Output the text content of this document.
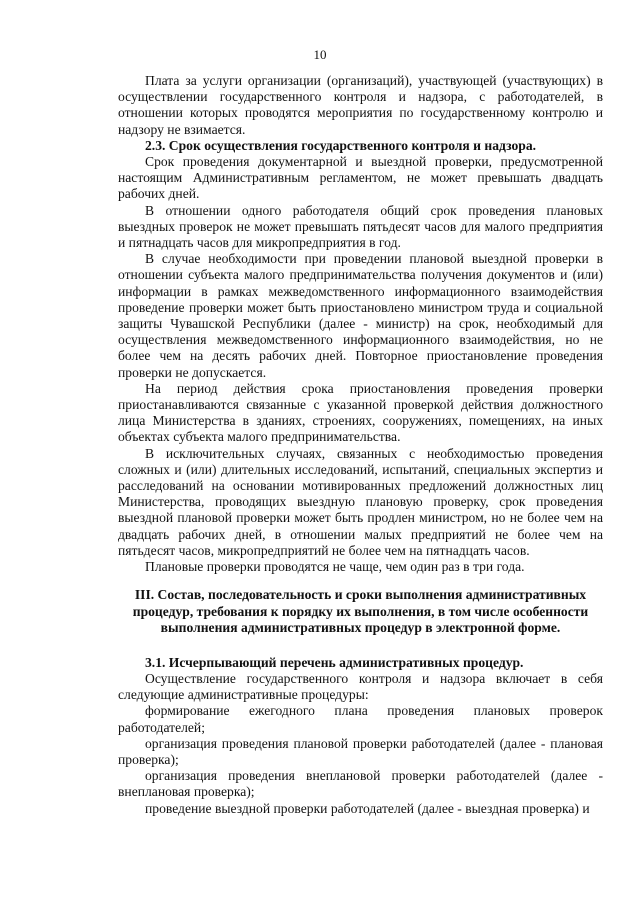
10

Плата за услуги организации (организаций), участвующей (участвующих) в осуществлении государственного контроля и надзора, с работодателей, в отношении которых проводятся мероприятия по государственному контролю и надзору не взимается.

2.3. Срок осуществления государственного контроля и надзора.

Срок проведения документарной и выездной проверки, предусмотренной настоящим Административным регламентом, не может превышать двадцать рабочих дней.

В отношении одного работодателя общий срок проведения плановых выездных проверок не может превышать пятьдесят часов для малого предприятия и пятнадцать часов для микропредприятия в год.

В случае необходимости при проведении плановой выездной проверки в отношении субъекта малого предпринимательства получения документов и (или) информации в рамках межведомственного информационного взаимодействия проведение проверки может быть приостановлено министром труда и социальной защиты Чувашской Республики (далее - министр) на срок, необходимый для осуществления межведомственного информационного взаимодействия, но не более чем на десять рабочих дней. Повторное приостановление проведения проверки не допускается.

На период действия срока приостановления проведения проверки приостанавливаются связанные с указанной проверкой действия должностного лица Министерства в зданиях, строениях, сооружениях, помещениях, на иных объектах субъекта малого предпринимательства.

В исключительных случаях, связанных с необходимостью проведения сложных и (или) длительных исследований, испытаний, специальных экспертиз и расследований на основании мотивированных предложений должностных лиц Министерства, проводящих выездную плановую проверку, срок проведения выездной плановой проверки может быть продлен министром, но не более чем на двадцать рабочих дней, в отношении малых предприятий не более чем на пятьдесят часов, микропредприятий не более чем на пятнадцать часов.

Плановые проверки проводятся не чаще, чем один раз в три года.

III. Состав, последовательность и сроки выполнения административных процедур, требования к порядку их выполнения, в том числе особенности выполнения административных процедур в электронной форме.

3.1. Исчерпывающий перечень административных процедур.

Осуществление государственного контроля и надзора включает в себя следующие административные процедуры:

формирование ежегодного плана проведения плановых проверок работодателей;

организация проведения плановой проверки работодателей (далее - плановая проверка);

организация проведения внеплановой проверки работодателей (далее - внеплановая проверка);

проведение выездной проверки работодателей (далее - выездная проверка) и
